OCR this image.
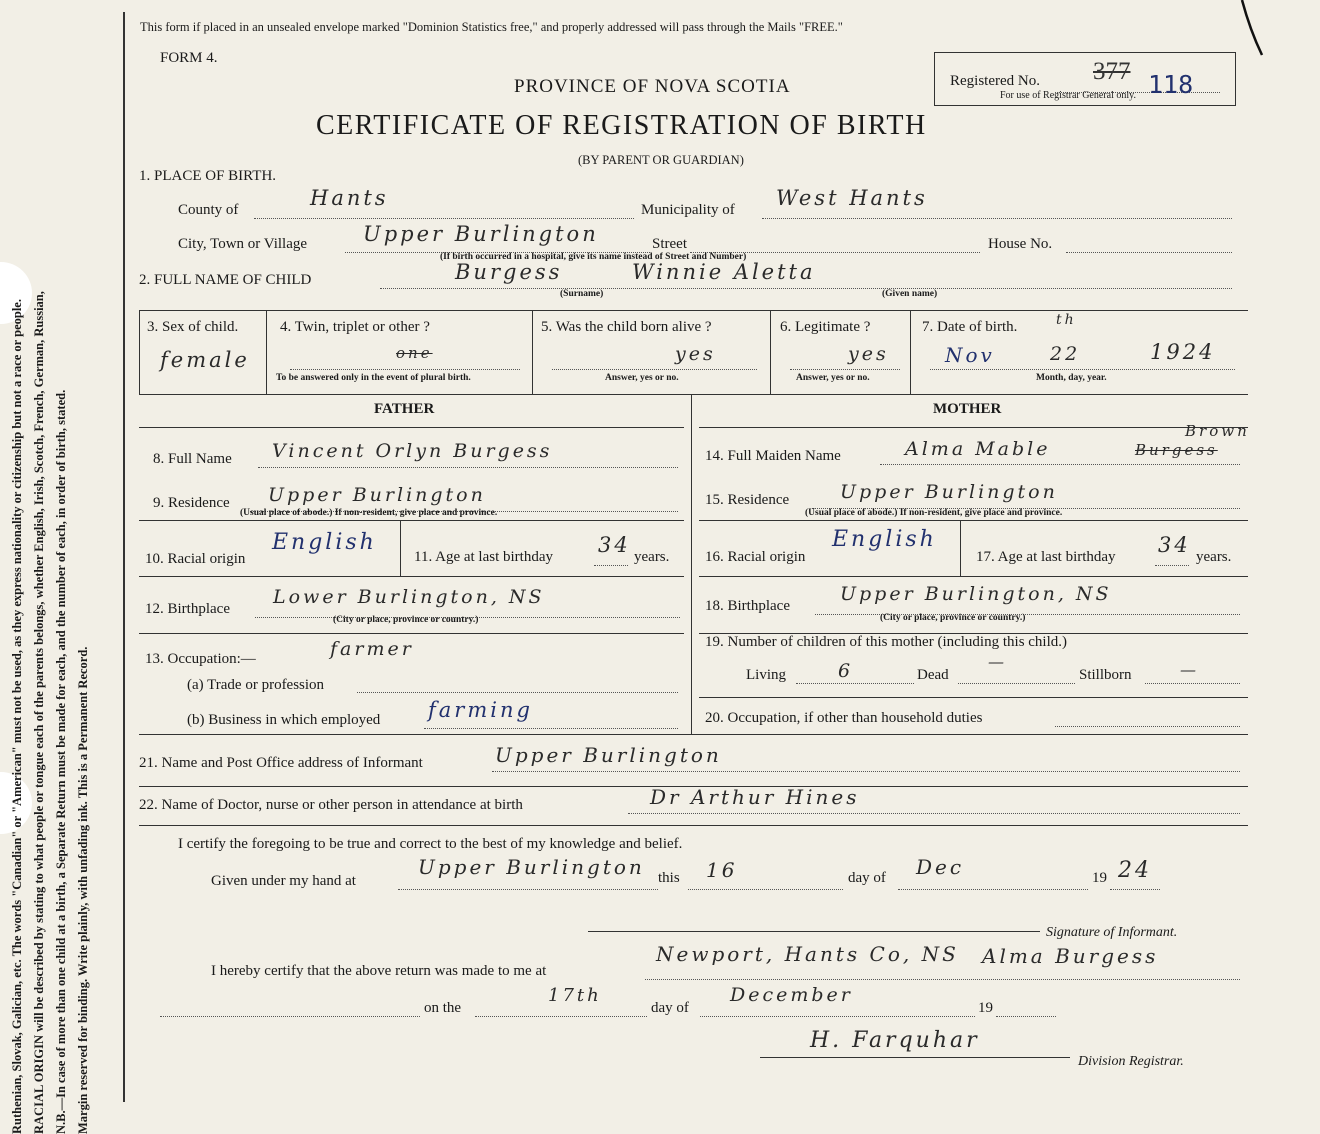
Ruthenian, Slovak, Galician, etc. The words "Canadian" or "American" must not be used, as they express nationality or citizenship but not a race or people. RACIAL ORIGIN will be described by stating to what people or tongue each of the parents belongs, whether English, Irish, Scotch, French, German, Russian, N.B.—In case of more than one child at a birth, a Separate Return must be made for each, and the number of each, in order of birth, stated. Margin reserved for binding. Write plainly, with unfading ink. This is a Permanent Record.
This form if placed in an unsealed envelope marked "Dominion Statistics free," and properly addressed will pass through the Mails "FREE."
FORM 4.
PROVINCE OF NOVA SCOTIA
CERTIFICATE OF REGISTRATION OF BIRTH
(BY PARENT OR GUARDIAN)
Registered No. 377 118
For use of Registrar General only.
1. PLACE OF BIRTH.
County of	Hants	Municipality of West Hants
City, Town or Village	Upper Burlington	Street
(If birth occurred in a hospital, give its name instead of Street and Number)
House No.
2. FULL NAME OF CHILD	Burgess	Winnie Aletta
(Surname)	(Given name)
3. Sex of child.
female
4. Twin, triplet or other ?
one
To be answered only in the event of plural birth.
5. Was the child born alive ?
yes
Answer, yes or no.
6. Legitimate ?
yes
Answer, yes or no.
7. Date of birth.	th
Nov	22	1924
Month, day, year.
FATHER	MOTHER
8. Full Name Vincent Orlyn Burgess
9. Residence Upper Burlington
(Usual place of abode.) If non-resident, give place and province.
10. Racial origin
English
11. Age at last birthday 34 years.
12. Birthplace
Lower Burlington, NS
(City or place, province or country.)
13. Occupation:—	farmer
(a) Trade or profession
(b) Business in which employed farming
14. Full Maiden Name	Alma Mable	Burgess
Brown
15. Residence	Upper Burlington
(Usual place of abode.) If non-resident, give place and province.
16. Racial origin
English
17. Age at last birthday 34 years.
18. Birthplace
Upper Burlington, NS
(City or place, province or country.)
19. Number of children of this mother (including this child.)
Living	6	Dead
—
Stillborn	—
20. Occupation, if other than household duties
21. Name and Post Office address of Informant	Upper Burlington
22. Name of Doctor, nurse or other person in attendance at birth	Dr Arthur Hines
I certify the foregoing to be true and correct to the best of my knowledge and belief.
Given under my hand at
Upper Burlington this 16	day of Dec	19 24
Signature of Informant.
I hereby certify that the above return was made to me at
Newport, Hants Co, NS Alma Burgess
on the
17th
day of
December
19
H. Farquhar
Division Registrar.
